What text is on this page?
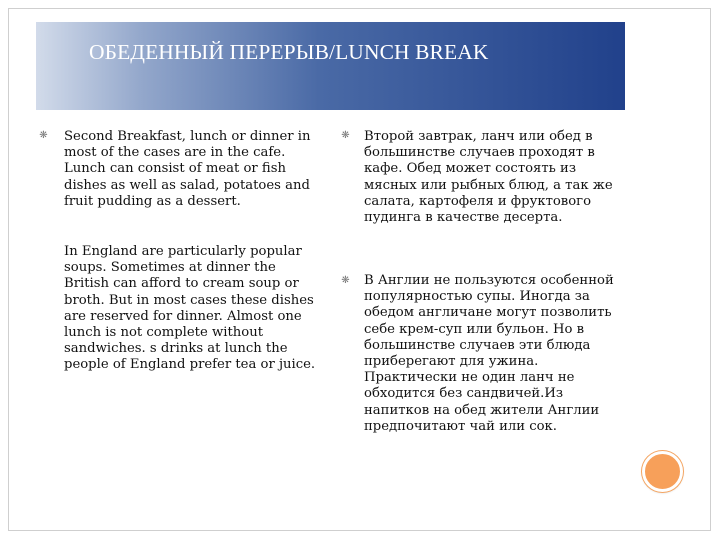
ОБЕДЕННЫЙ ПЕРЕРЫВ/LUNCH BREAK
❋ Second Breakfast, lunch or dinner in most of the cases are in the cafe. Lunch can consist of meat or fish dishes as well as salad, potatoes and fruit pudding as a dessert.

In England are particularly popular soups. Sometimes at dinner the British can afford to cream soup or broth. But in most cases these dishes are reserved for dinner. Almost one lunch is not complete without sandwiches. s drinks at lunch the people of England prefer tea or juice.

❋ Второй завтрак, ланч или обед в большинстве случаев проходят в кафе. Обед может состоять из мясных или рыбных блюд, а так же салата, картофеля и фруктового пудинга в качестве десерта.

❋ В Англии не пользуются особенной популярностью супы. Иногда за обедом англичане могут позволить себе крем-суп или бульон. Но в большинстве случаев эти блюда приберегают для ужина. Практически не один ланч не обходится без сандвичей.Из напитков на обед жители Англии предпочитают чай или сок.
